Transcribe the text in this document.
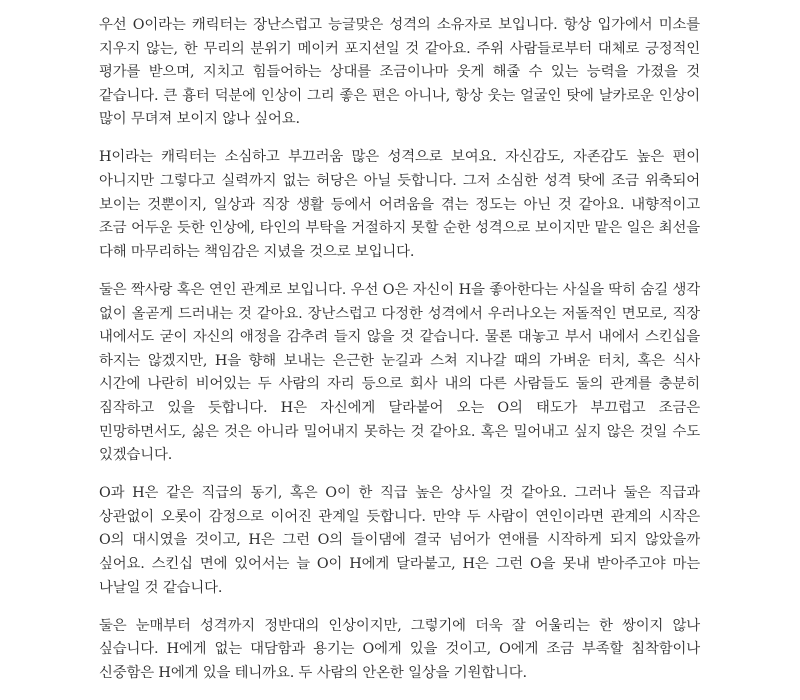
우선 O이라는 캐릭터는 장난스럽고 능글맞은 성격의 소유자로 보입니다. 항상 입가에서 미소를 지우지 않는, 한 무리의 분위기 메이커 포지션일 것 같아요. 주위 사람들로부터 대체로 긍정적인 평가를 받으며, 지치고 힘들어하는 상대를 조금이나마 웃게 해줄 수 있는 능력을 가졌을 것 같습니다. 큰 흉터 덕분에 인상이 그리 좋은 편은 아니나, 항상 웃는 얼굴인 탓에 날카로운 인상이 많이 무뎌져 보이지 않나 싶어요.

H이라는 캐릭터는 소심하고 부끄러움 많은 성격으로 보여요. 자신감도, 자존감도 높은 편이 아니지만 그렇다고 실력까지 없는 허당은 아닐 듯합니다. 그저 소심한 성격 탓에 조금 위축되어 보이는 것뿐이지, 일상과 직장 생활 등에서 어려움을 겪는 정도는 아닌 것 같아요. 내향적이고 조금 어두운 듯한 인상에, 타인의 부탁을 거절하지 못할 순한 성격으로 보이지만 맡은 일은 최선을 다해 마무리하는 책임감은 지녔을 것으로 보입니다.

둘은 짝사랑 혹은 연인 관계로 보입니다. 우선 O은 자신이 H을 좋아한다는 사실을 딱히 숨길 생각 없이 올곧게 드러내는 것 같아요. 장난스럽고 다정한 성격에서 우러나오는 저돌적인 면모로, 직장 내에서도 굳이 자신의 애정을 감추려 들지 않을 것 같습니다. 물론 대놓고 부서 내에서 스킨십을 하지는 않겠지만, H을 향해 보내는 은근한 눈길과 스쳐 지나갈 때의 가벼운 터치, 혹은 식사 시간에 나란히 비어있는 두 사람의 자리 등으로 회사 내의 다른 사람들도 둘의 관계를 충분히 짐작하고 있을 듯합니다. H은 자신에게 달라붙어 오는 O의 태도가 부끄럽고 조금은 민망하면서도, 싫은 것은 아니라 밀어내지 못하는 것 같아요. 혹은 밀어내고 싶지 않은 것일 수도 있겠습니다.

O과 H은 같은 직급의 동기, 혹은 O이 한 직급 높은 상사일 것 같아요. 그러나 둘은 직급과 상관없이 오롯이 감정으로 이어진 관계일 듯합니다. 만약 두 사람이 연인이라면 관계의 시작은 O의 대시였을 것이고, H은 그런 O의 들이댐에 결국 넘어가 연애를 시작하게 되지 않았을까 싶어요. 스킨십 면에 있어서는 늘 O이 H에게 달라붙고, H은 그런 O을 못내 받아주고야 마는 나날일 것 같습니다.

둘은 눈매부터 성격까지 정반대의 인상이지만, 그렇기에 더욱 잘 어울리는 한 쌍이지 않나 싶습니다. H에게 없는 대담함과 용기는 O에게 있을 것이고, O에게 조금 부족할 침착함이나 신중함은 H에게 있을 테니까요. 두 사람의 안온한 일상을 기원합니다.
